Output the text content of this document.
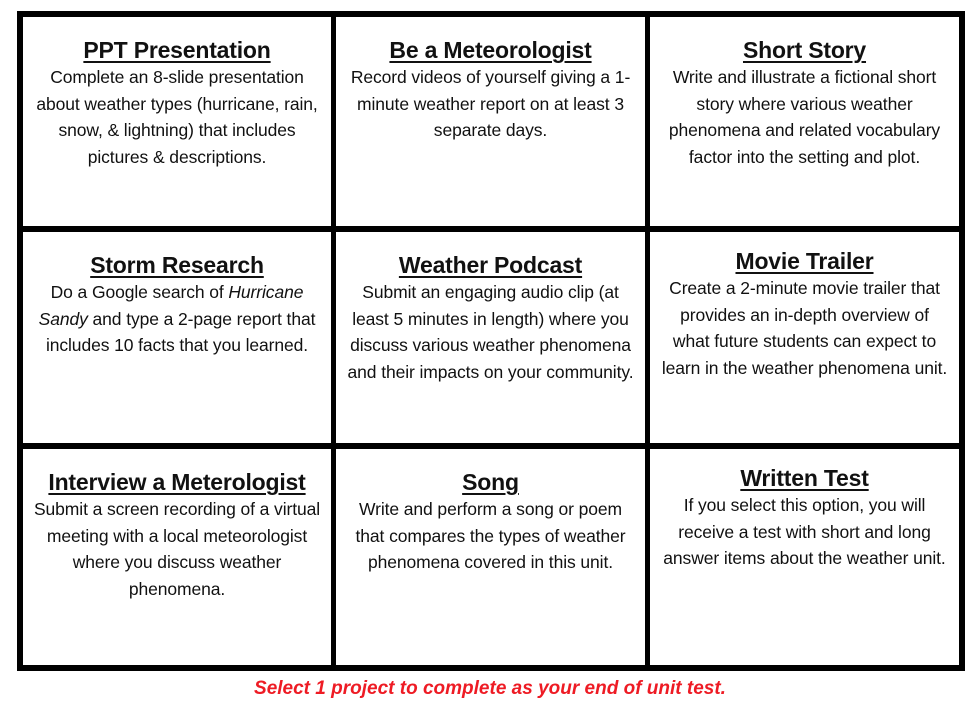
PPT Presentation
Complete an 8-slide presentation about weather types (hurricane, rain, snow, & lightning) that includes pictures & descriptions.
Be a Meteorologist
Record videos of yourself giving a 1-minute weather report on at least 3 separate days.
Short Story
Write and illustrate a fictional short story where various weather phenomena and related vocabulary factor into the setting and plot.
Storm Research
Do a Google search of Hurricane Sandy and type a 2-page report that includes 10 facts that you learned.
Weather Podcast
Submit an engaging audio clip (at least 5 minutes in length) where you discuss various weather phenomena and their impacts on your community.
Movie Trailer
Create a 2-minute movie trailer that provides an in-depth overview of what future students can expect to learn in the weather phenomena unit.
Interview a Meterologist
Submit a screen recording of a virtual meeting with a local meteorologist where you discuss weather phenomena.
Song
Write and perform a song or poem that compares the types of weather phenomena covered in this unit.
Written Test
If you select this option, you will receive a test with short and long answer items about the weather unit.
Select 1 project to complete as your end of unit test.
